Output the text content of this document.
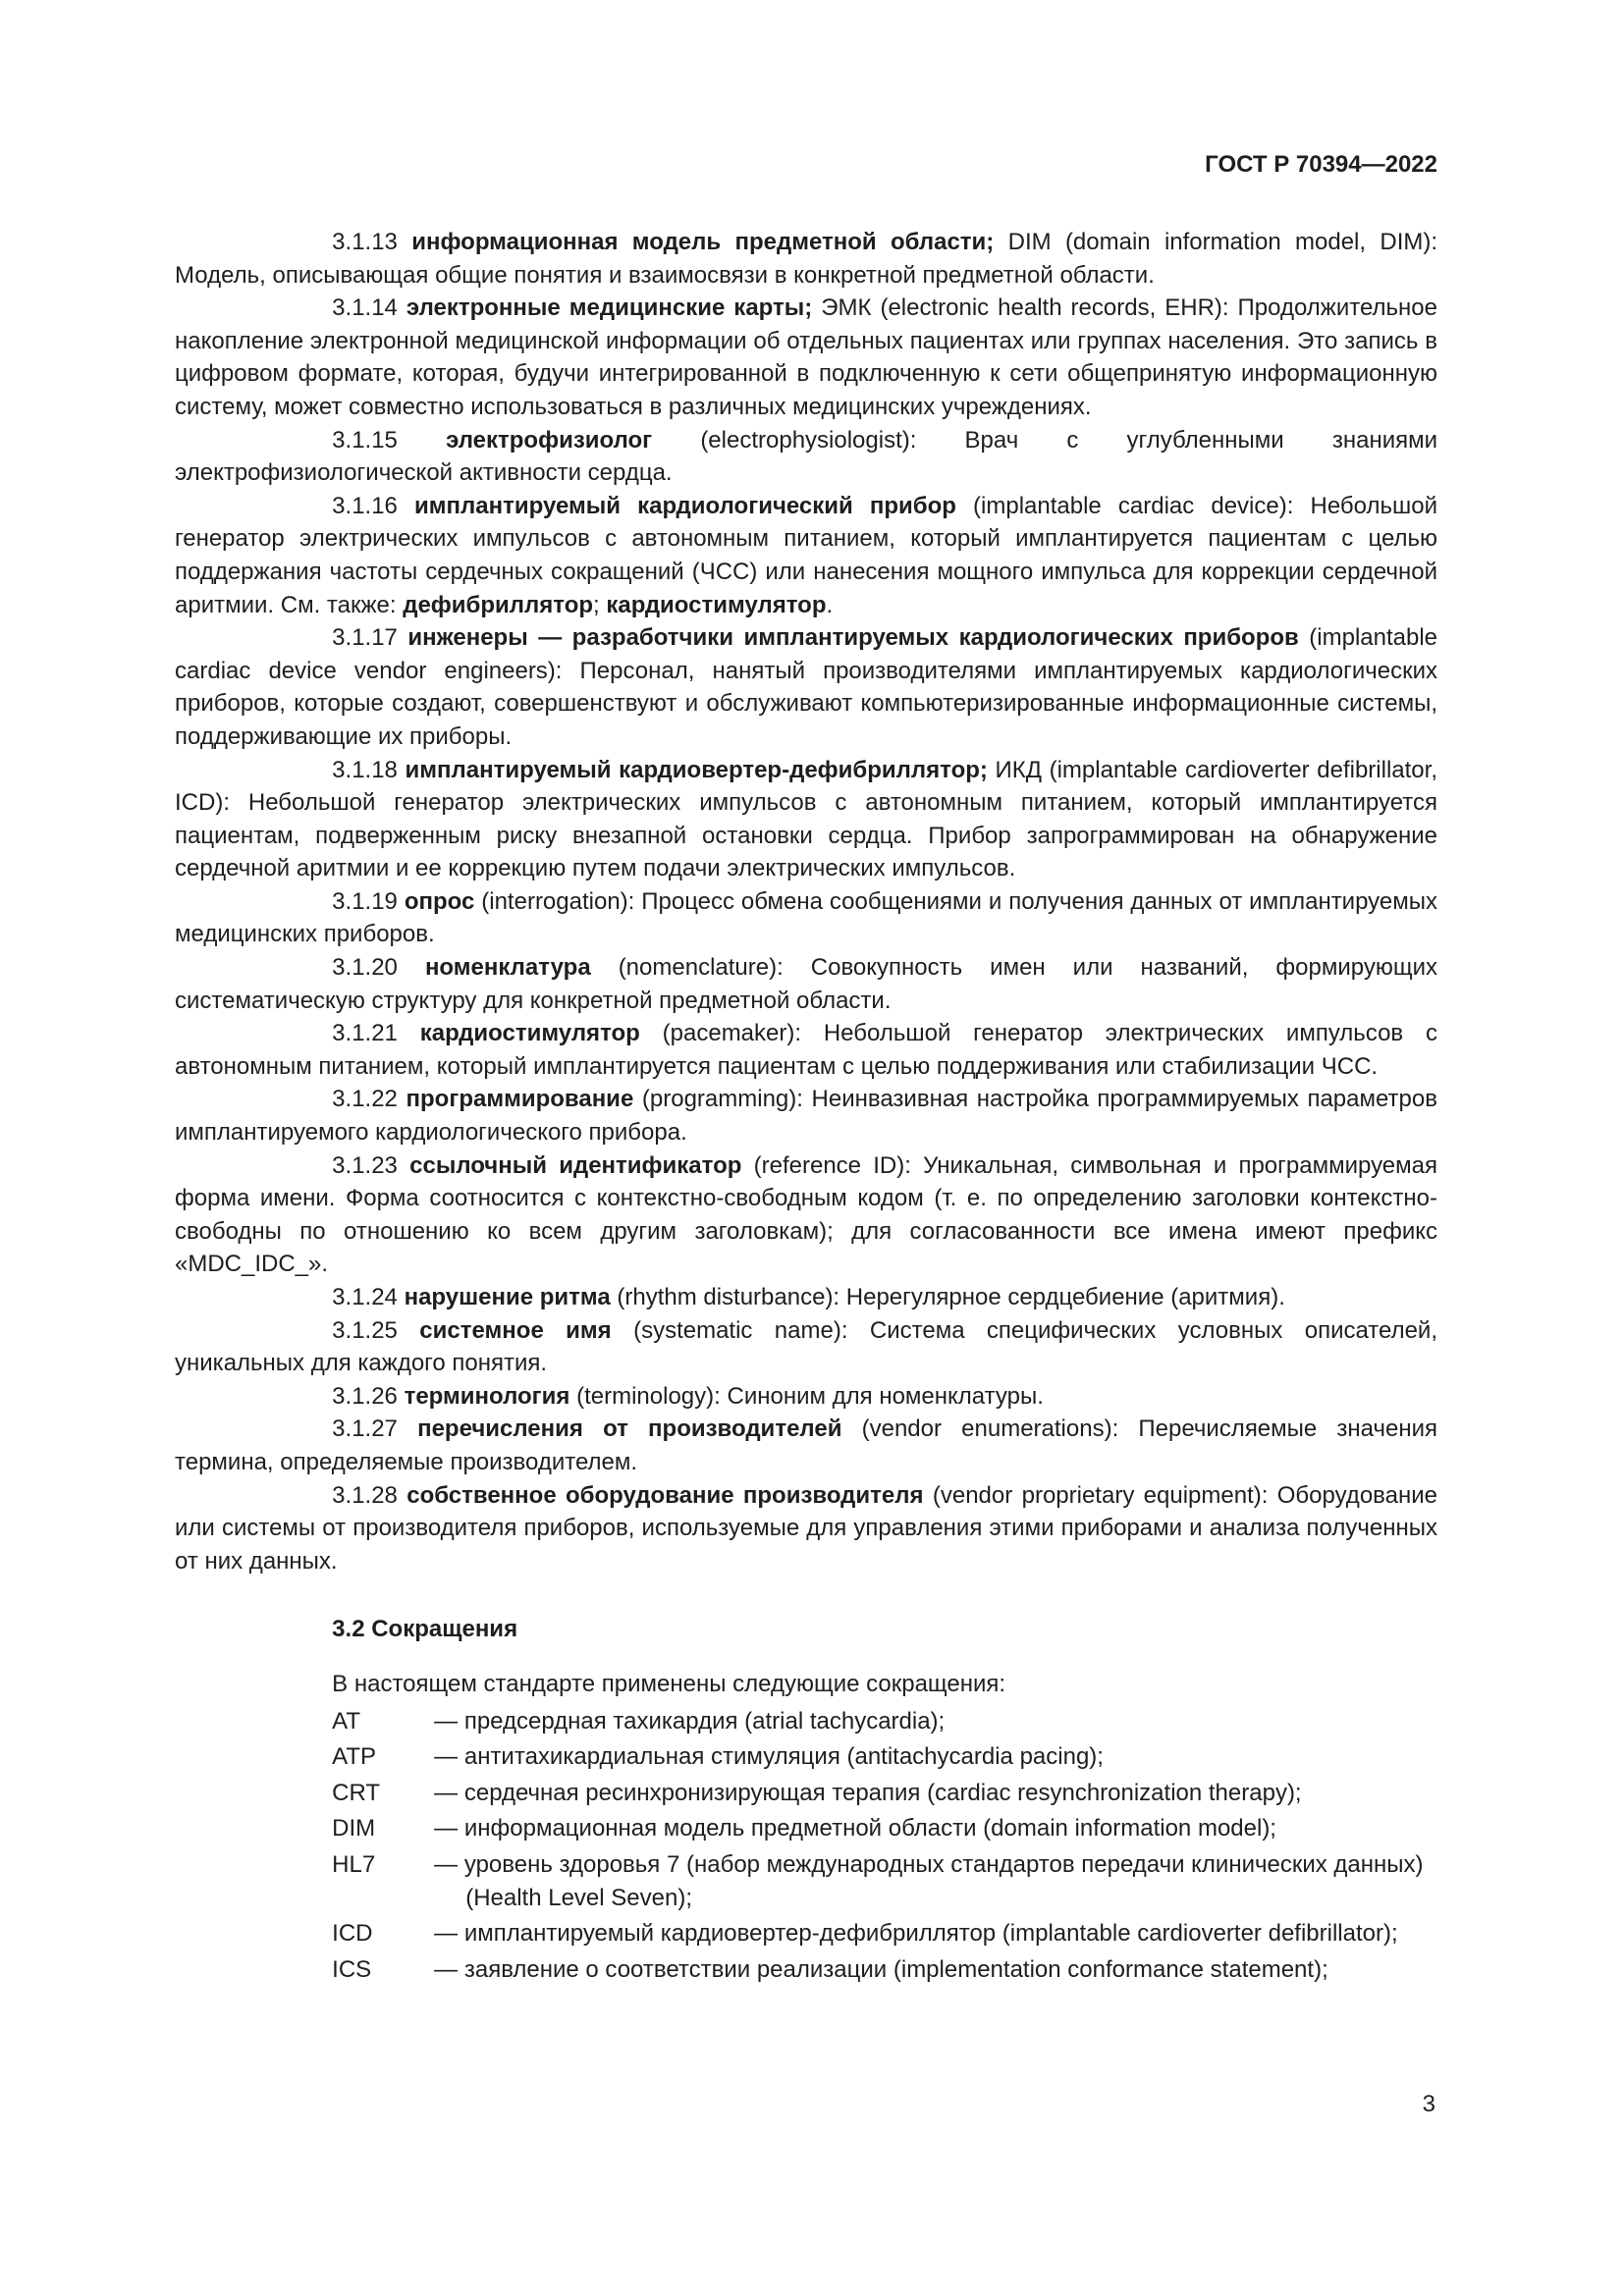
ГОСТ Р 70394—2022

3.1.13 информационная модель предметной области; DIM (domain information model, DIM): Модель, описывающая общие понятия и взаимосвязи в конкретной предметной области.

3.1.14 электронные медицинские карты; ЭМК (electronic health records, EHR): Продолжительное накопление электронной медицинской информации об отдельных пациентах или группах населения. Это запись в цифровом формате, которая, будучи интегрированной в подключенную к сети общепринятую информационную систему, может совместно использоваться в различных медицинских учреждениях.

3.1.15 электрофизиолог (electrophysiologist): Врач с углубленными знаниями электрофизиологической активности сердца.

3.1.16 имплантируемый кардиологический прибор (implantable cardiac device): Небольшой генератор электрических импульсов с автономным питанием, который имплантируется пациентам с целью поддержания частоты сердечных сокращений (ЧСС) или нанесения мощного импульса для коррекции сердечной аритмии. См. также: дефибриллятор; кардиостимулятор.

3.1.17 инженеры — разработчики имплантируемых кардиологических приборов (implantable cardiac device vendor engineers): Персонал, нанятый производителями имплантируемых кардиологических приборов, которые создают, совершенствуют и обслуживают компьютеризированные информационные системы, поддерживающие их приборы.

3.1.18 имплантируемый кардиовертер-дефибриллятор; ИКД (implantable cardioverter defibrillator, ICD): Небольшой генератор электрических импульсов с автономным питанием, который имплантируется пациентам, подверженным риску внезапной остановки сердца. Прибор запрограммирован на обнаружение сердечной аритмии и ее коррекцию путем подачи электрических импульсов.

3.1.19 опрос (interrogation): Процесс обмена сообщениями и получения данных от имплантируемых медицинских приборов.

3.1.20 номенклатура (nomenclature): Совокупность имен или названий, формирующих систематическую структуру для конкретной предметной области.

3.1.21 кардиостимулятор (pacemaker): Небольшой генератор электрических импульсов с автономным питанием, который имплантируется пациентам с целью поддерживания или стабилизации ЧСС.

3.1.22 программирование (programming): Неинвазивная настройка программируемых параметров имплантируемого кардиологического прибора.

3.1.23 ссылочный идентификатор (reference ID): Уникальная, символьная и программируемая форма имени. Форма соотносится с контекстно-свободным кодом (т. е. по определению заголовки контекстно-свободны по отношению ко всем другим заголовкам); для согласованности все имена имеют префикс «MDC_IDC_».

3.1.24 нарушение ритма (rhythm disturbance): Нерегулярное сердцебиение (аритмия).

3.1.25 системное имя (systematic name): Система специфических условных описателей, уникальных для каждого понятия.

3.1.26 терминология (terminology): Синоним для номенклатуры.

3.1.27 перечисления от производителей (vendor enumerations): Перечисляемые значения термина, определяемые производителем.

3.1.28 собственное оборудование производителя (vendor proprietary equipment): Оборудование или системы от производителя приборов, используемые для управления этими приборами и анализа полученных от них данных.

3.2 Сокращения

В настоящем стандарте применены следующие сокращения:

AT	— предсердная тахикардия (atrial tachycardia);
ATP	— антитахикардиальная стимуляция (antitachycardia pacing);
CRT	— сердечная ресинхронизирующая терапия (cardiac resynchronization therapy);
DIM	— информационная модель предметной области (domain information model);
HL7	— уровень здоровья 7 (набор международных стандартов передачи клинических данных) (Health Level Seven);
ICD	— имплантируемый кардиовертер-дефибриллятор (implantable cardioverter defibrillator);
ICS	— заявление о соответствии реализации (implementation conformance statement);
3
